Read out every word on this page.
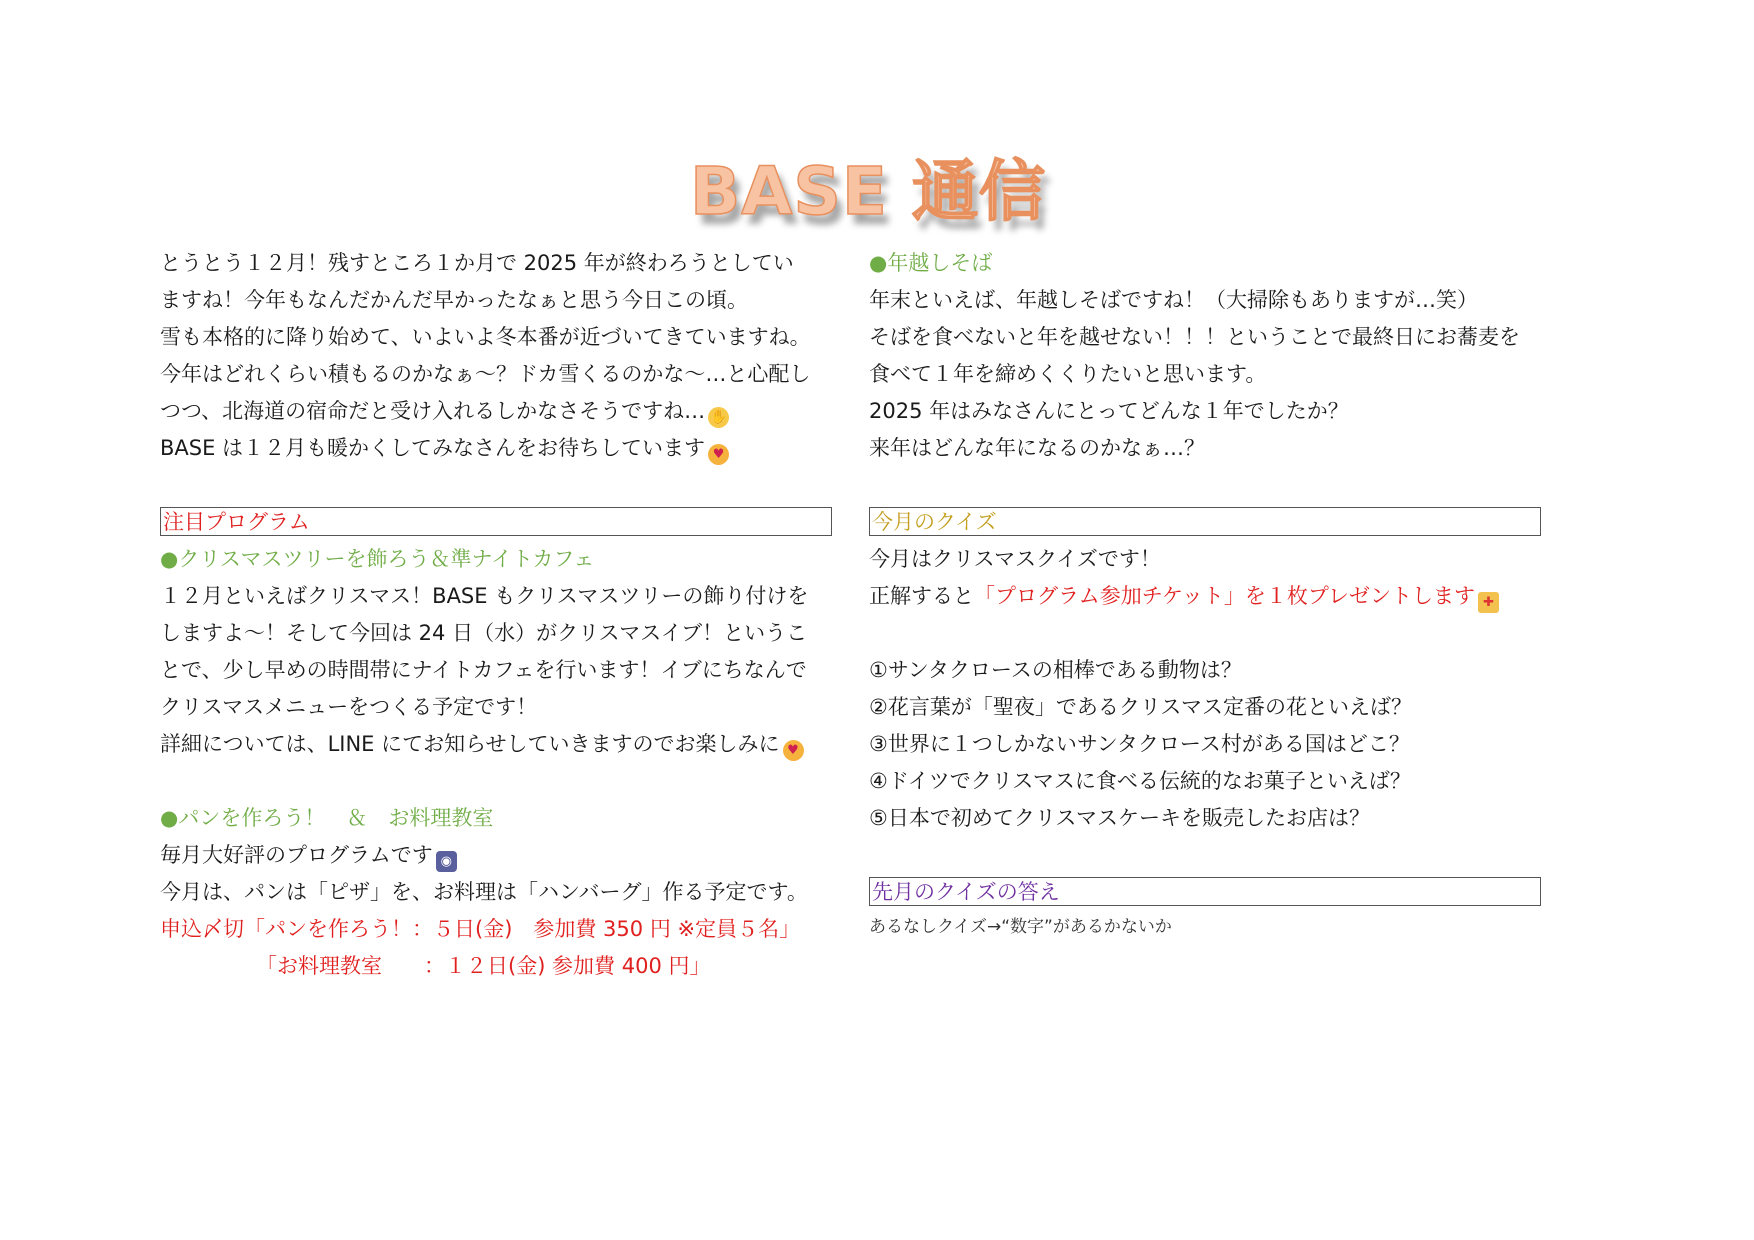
BASE 通信
とうとう１２月！残すところ１か月で 2025 年が終わろうとしてい
ますね！今年もなんだかんだ早かったなぁと思う今日この頃。
雪も本格的に降り始めて、いよいよ冬本番が近づいてきていますね。
今年はどれくらい積もるのかなぁ～？ドカ雪くるのかな～…と心配し
つつ、北海道の宿命だと受け入れるしかなさそうですね… ✋
BASE は１２月も暖かくしてみなさんをお待ちしています ♥
注目プログラム
●クリスマスツリーを飾ろう＆準ナイトカフェ
１２月といえばクリスマス！BASE もクリスマスツリーの飾り付けを
しますよ～！そして今回は 24 日（水）がクリスマスイブ！というこ
とで、少し早めの時間帯にナイトカフェを行います！イブにちなんで
クリスマスメニューをつくる予定です！
詳細については、LINE にてお知らせしていきますのでお楽しみに ♥
●パンを作ろう！　＆　お料理教室
毎月大好評のプログラムです ◉
今月は、パンは「ピザ」を、お料理は「ハンバーグ」作る予定です。
申込〆切「パンを作ろう！：５日(金)　参加費 350 円 ※定員５名」
「お料理教室　　：１２日(金) 参加費 400 円」
●年越しそば
年末といえば、年越しそばですね！（大掃除もありますが…笑）
そばを食べないと年を越せない！！！ということで最終日にお蕎麦を
食べて１年を締めくくりたいと思います。
2025 年はみなさんにとってどんな１年でしたか？
来年はどんな年になるのかなぁ…？
今月のクイズ
今月はクリスマスクイズです！
正解すると「プログラム参加チケット」を１枚プレゼントします ✚
①サンタクロースの相棒である動物は？
②花言葉が「聖夜」であるクリスマス定番の花といえば？
③世界に１つしかないサンタクロース村がある国はどこ？
④ドイツでクリスマスに食べる伝統的なお菓子といえば？
⑤日本で初めてクリスマスケーキを販売したお店は？
先月のクイズの答え
あるなしクイズ→“数字”があるかないか
